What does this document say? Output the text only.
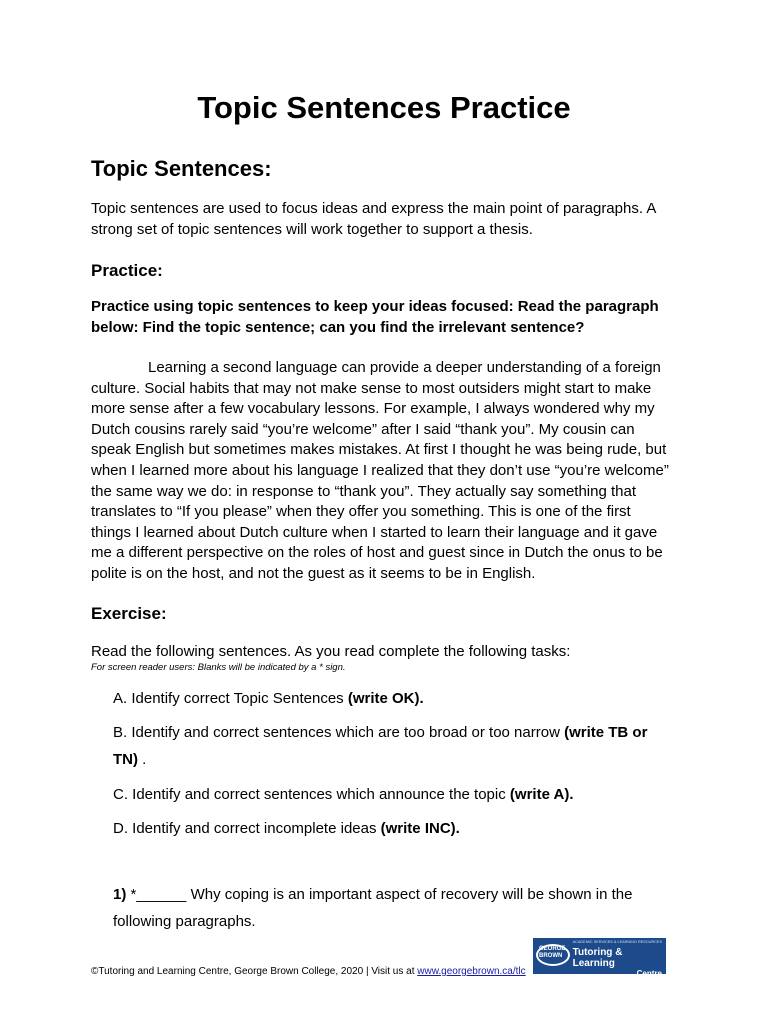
Topic Sentences Practice
Topic Sentences:
Topic sentences are used to focus ideas and express the main point of paragraphs. A
strong set of topic sentences will work together to support a thesis.
Practice:
Practice using topic sentences to keep your ideas focused: Read the paragraph
below: Find the topic sentence; can you find the irrelevant sentence?
Learning a second language can provide a deeper understanding of a foreign
culture. Social habits that may not make sense to most outsiders might start to make
more sense after a few vocabulary lessons. For example, I always wondered why my
Dutch cousins rarely said “you’re welcome” after I said “thank you”. My cousin can
speak English but sometimes makes mistakes. At first I thought he was being rude, but
when I learned more about his language I realized that they don’t use “you’re welcome”
the same way we do: in response to “thank you”. They actually say something that
translates to “If you please” when they offer you something. This is one of the first
things I learned about Dutch culture when I started to learn their language and it gave
me a different perspective on the roles of host and guest since in Dutch the onus to be
polite is on the host, and not the guest as it seems to be in English.
Exercise:
Read the following sentences. As you read complete the following tasks:
For screen reader users: Blanks will be indicated by a * sign.
A. Identify correct Topic Sentences (write OK).
B. Identify and correct sentences which are too broad or too narrow (write TB or
TN) .
C. Identify and correct sentences which announce the topic (write A).
D. Identify and correct incomplete ideas (write INC).
1) *______ Why coping is an important aspect of recovery will be shown in the
following paragraphs.
©Tutoring and Learning Centre, George Brown College, 2020 | Visit us at www.georgebrown.ca/tlc
GEORGE
BROWN
ACADEMIC SERVICES & LEARNING RESOURCES
Tutoring & Learning
Centre
